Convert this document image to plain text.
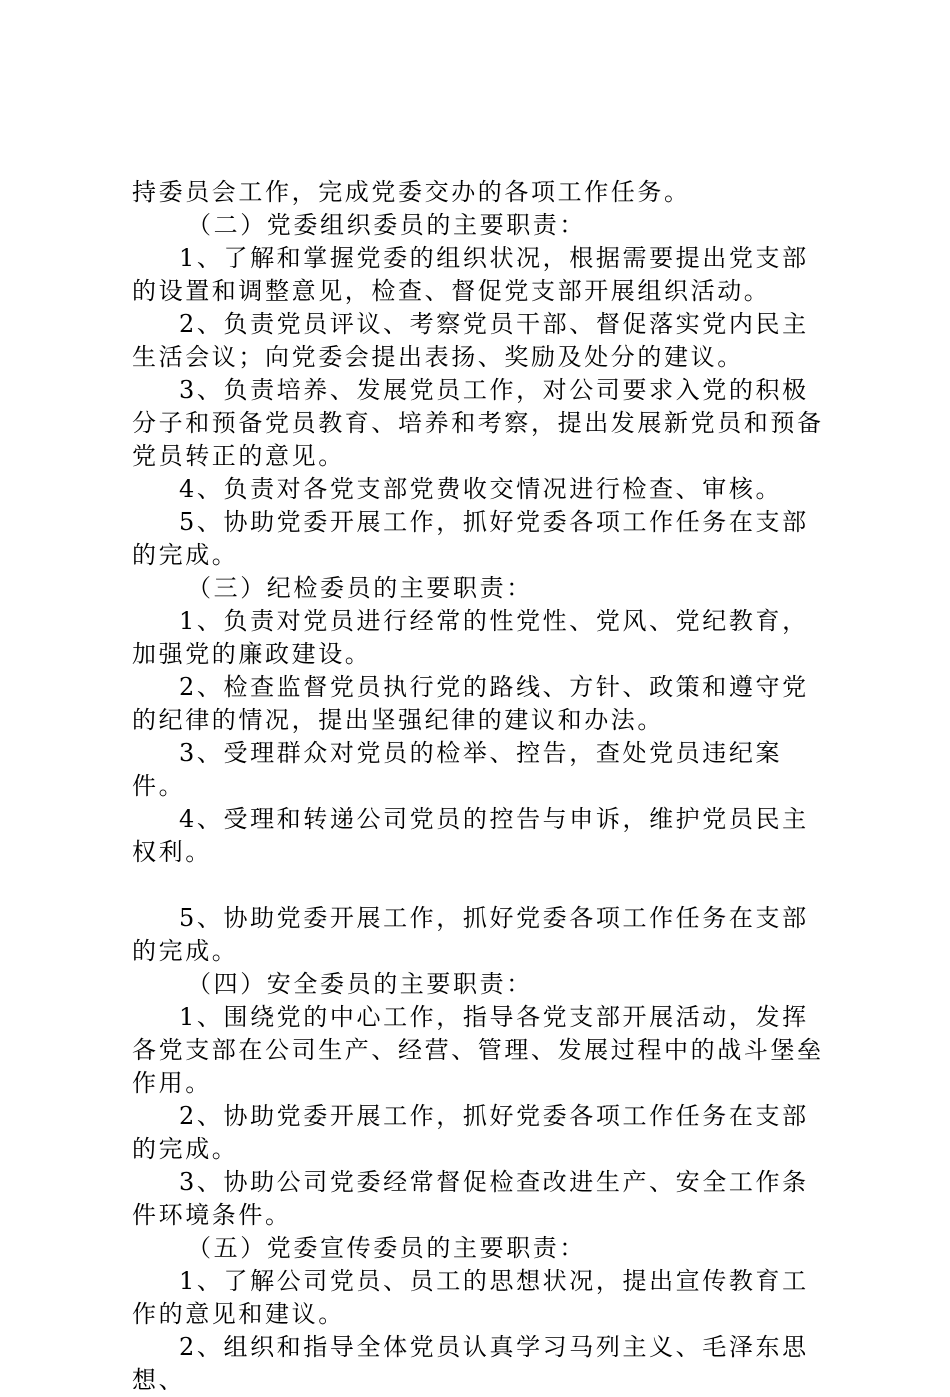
持委员会工作，完成党委交办的各项工作任务。

（二）党委组织委员的主要职责：

1、了解和掌握党委的组织状况，根据需要提出党支部的设置和调整意见，检查、督促党支部开展组织活动。

2、负责党员评议、考察党员干部、督促落实党内民主生活会议；向党委会提出表扬、奖励及处分的建议。

3、负责培养、发展党员工作，对公司要求入党的积极分子和预备党员教育、培养和考察，提出发展新党员和预备党员转正的意见。

4、负责对各党支部党费收交情况进行检查、审核。

5、协助党委开展工作，抓好党委各项工作任务在支部的完成。

（三）纪检委员的主要职责：

1、负责对党员进行经常的性党性、党风、党纪教育，加强党的廉政建设。

2、检查监督党员执行党的路线、方针、政策和遵守党的纪律的情况，提出坚强纪律的建议和办法。

3、受理群众对党员的检举、控告，查处党员违纪案件。

4、受理和转递公司党员的控告与申诉，维护党员民主权利。

5、协助党委开展工作，抓好党委各项工作任务在支部的完成。

（四）安全委员的主要职责：

1、围绕党的中心工作，指导各党支部开展活动，发挥各党支部在公司生产、经营、管理、发展过程中的战斗堡垒作用。

2、协助党委开展工作，抓好党委各项工作任务在支部的完成。

3、协助公司党委经常督促检查改进生产、安全工作条件环境条件。

（五）党委宣传委员的主要职责：

1、了解公司党员、员工的思想状况，提出宣传教育工作的意见和建议。

2、组织和指导全体党员认真学习马列主义、毛泽东思想、
